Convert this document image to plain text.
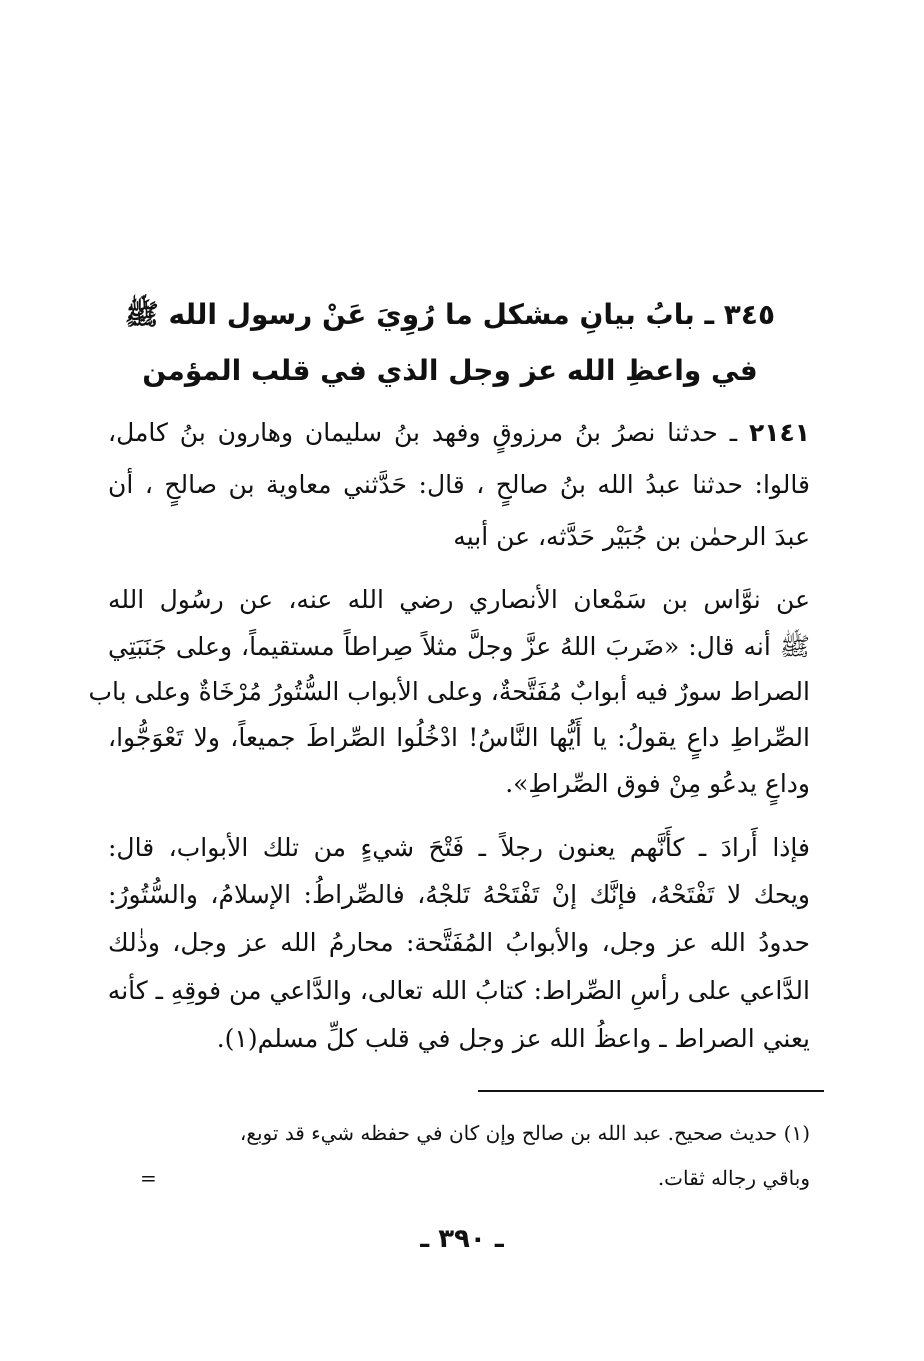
٣٤٥ ـ بابُ بيانِ مشكل ما رُوِيَ عَنْ رسول الله ﷺ
في واعظِ الله عز وجل الذي في قلب المؤمن
٢١٤١ ـ حدثنا نصرُ بنُ مرزوقٍ وفهد بنُ سليمان وهارون بنُ كامل،
قالوا: حدثنا عبدُ الله بنُ صالحٍ ، قال: حَدَّثني معاوية بن صالحٍ ، أن
عبدَ الرحمٰن بن جُبَيْر حَدَّثه، عن أبيه
عن نوَّاس بن سَمْعان الأنصاري رضي الله عنه، عن رسُول الله
ﷺ أنه قال: «ضَربَ اللهُ عزَّ وجلَّ مثلاً صِراطاً مستقيماً، وعلى جَنَبَتِي
الصراط سورٌ فيه أبوابٌ مُفَتَّحةٌ، وعلى الأبواب السُّتُورُ مُرْخَاةٌ وعلى باب
الصِّراطِ داعٍ يقولُ: يا أَيُّها النَّاسُ! ادْخُلُوا الصِّراطَ جميعاً، ولا تَعْوَجُّوا،
وداعٍ يدعُو مِنْ فوق الصِّراطِ».
فإذا أَرادَ ـ كأَنَّهم يعنون رجلاً ـ فَتْحَ شيءٍ من تلك الأبواب، قال:
ويحك لا تَفْتَحْهُ، فإنَّك إنْ تَفْتَحْهُ تَلجْهُ، فالصِّراطُ: الإسلامُ، والسُّتُورُ:
حدودُ الله عز وجل، والأبوابُ المُفَتَّحة: محارمُ الله عز وجل، وذٰلك
الدَّاعي على رأسِ الصِّراط: كتابُ الله تعالى، والدَّاعي من فوقِهِ ـ كأنه
يعني الصراط ـ واعظُ الله عز وجل في قلب كلِّ مسلم(١).
(١) حديث صحيح. عبد الله بن صالح وإن كان في حفظه شيء قد توبع،
وباقي رجاله ثقات.
=
ـ ٣٩٠ ـ
